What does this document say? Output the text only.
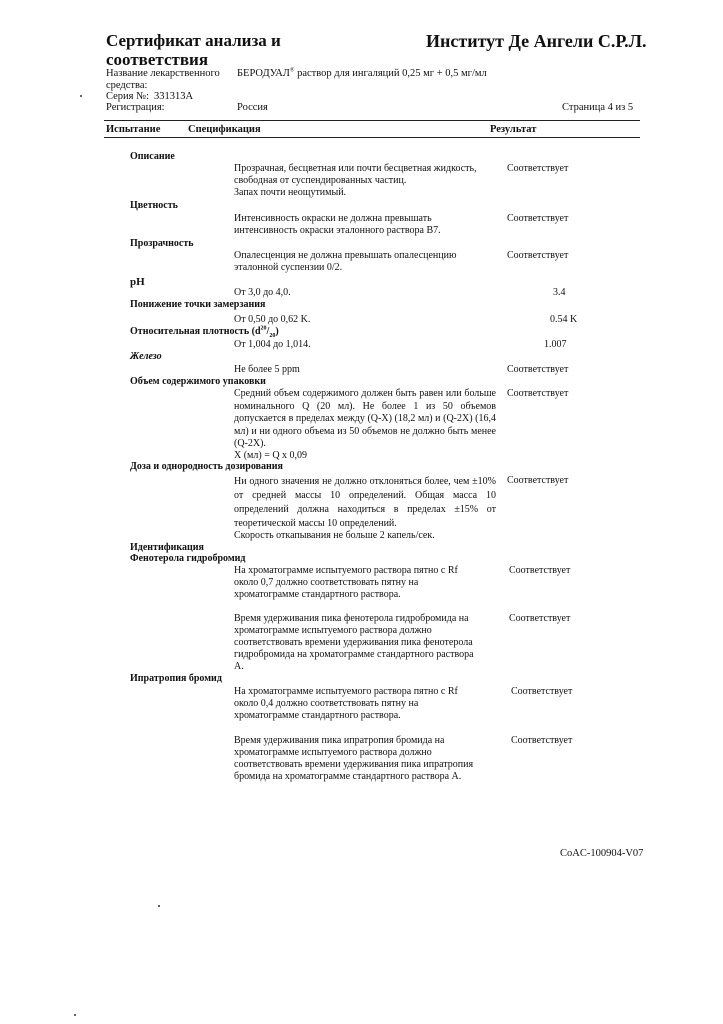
Сертификат анализа и
соответствия
Институт Де Ангели С.Р.Л.
Название лекарственного
средства:
БЕРОДУАЛ® раствор для ингаляций 0,25 мг + 0,5 мг/мл
Серия №: 331313A
Регистрация:	Россия	Страница 4 из 5
Испытание	Спецификация	Результат
Описание
Прозрачная, бесцветная или почти бесцветная жидкость,
свободная от суспендированных частиц.
Запах почти неощутимый.
Соответствует
Цветность
Интенсивность окраски не должна превышать
интенсивность окраски эталонного раствора B7.
Соответствует
Прозрачность
Опалесценция не должна превышать опалесценцию
эталонной суспензии 0/2.
Соответствует
pH
От 3,0 до 4,0.	3.4
Понижение точки замерзания
От 0,50 до 0,62 K.	0.54 K
Относительная плотность $(d^{20}/_{20})$
От 1,004 до 1,014.	1.007
Железо
Не более 5 ppm	Соответствует
Объем содержимого упаковки
Средний объем содержимого должен быть равен или больше номинального Q (20 мл). Не более 1 из 50 объемов допускается в пределах между (Q-X) (18,2 мл) и (Q-2X) (16,4 мл) и ни одного объема из 50 объемов не должно быть менее (Q-2X).
X (мл) = Q x 0,09
Соответствует
Доза и однородность дозирования
Ни одного значения не должно отклоняться более, чем ±10% от средней массы 10 определений. Общая масса 10 определений должна находиться в пределах ±15% от теоретической массы 10 определений.
Скорость откапывания не больше 2 капель/сек.
Соответствует
Идентификация
Фенотерола гидробромид
На хроматограмме испытуемого раствора пятно с Rf
около 0,7 должно соответствовать пятну на
хроматограмме стандартного раствора.
Соответствует
Время удерживания пика фенотерола гидробромида на
хроматограмме испытуемого раствора должно
соответствовать времени удерживания пика фенотерола
гидробромида на хроматограмме стандартного раствора
A.
Соответствует
Ипратропия бромид
На хроматограмме испытуемого раствора пятно с Rf
около 0,4 должно соответствовать пятну на
хроматограмме стандартного раствора.
Соответствует
Время удерживания пика ипратропия бромида на
хроматограмме испытуемого раствора должно
соответствовать времени удерживания пика ипратропия
бромида на хроматограмме стандартного раствора A.
Соответствует
CoAC-100904-V07
